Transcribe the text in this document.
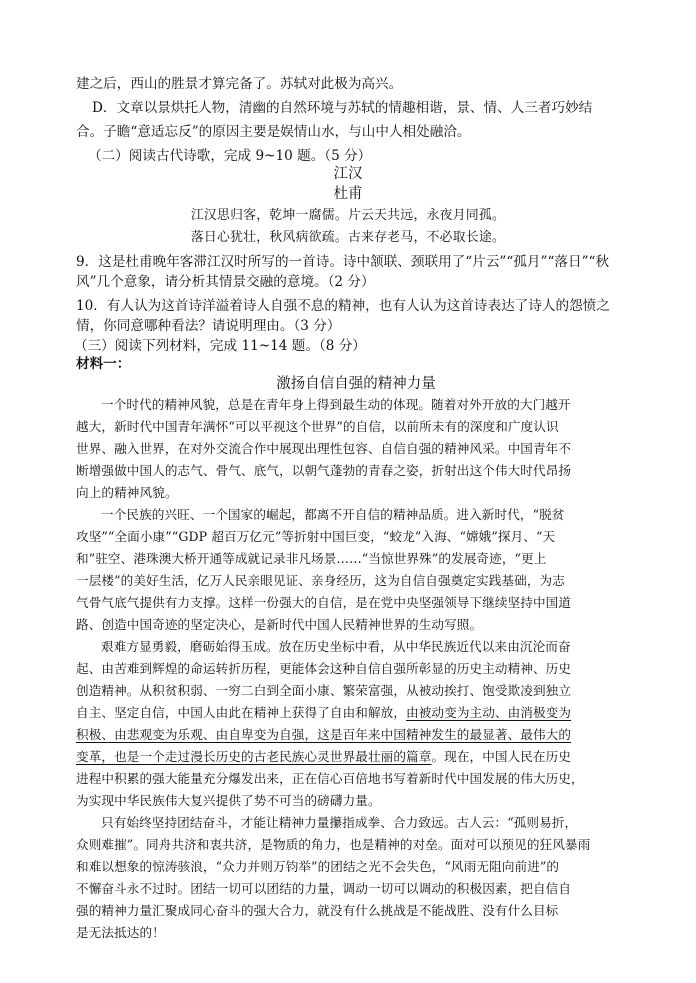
建之后，西山的胜景才算完备了。苏轼对此极为高兴。
D．文章以景烘托人物，清幽的自然环境与苏轼的情趣相谐，景、情、人三者巧妙结
合。子瞻“意适忘反”的原因主要是娱情山水，与山中人相处融洽。
（二）阅读古代诗歌，完成 9~10 题。（5 分）
江汉
杜甫
江汉思归客，乾坤一腐儒。片云天共远，永夜月同孤。
落日心犹壮，秋风病欲疏。古来存老马，不必取长途。
9．这是杜甫晚年客滞江汉时所写的一首诗。诗中颔联、颈联用了“片云”“孤月”“落日”“秋
风”几个意象，请分析其情景交融的意境。（2 分）
10．有人认为这首诗洋溢着诗人自强不息的精神，也有人认为这首诗表达了诗人的怨愤之
情，你同意哪种看法？请说明理由。（3 分）
（三）阅读下列材料，完成 11~14 题。（8 分）
材料一：
激扬自信自强的精神力量
一个时代的精神风貌，总是在青年身上得到最生动的体现。随着对外开放的大门越开
越大，新时代中国青年满怀“可以平视这个世界”的自信，以前所未有的深度和广度认识
世界、融入世界，在对外交流合作中展现出理性包容、自信自强的精神风采。中国青年不
断增强做中国人的志气、骨气、底气，以朝气蓬勃的青春之姿，折射出这个伟大时代昂扬
向上的精神风貌。
一个民族的兴旺、一个国家的崛起，都离不开自信的精神品质。进入新时代，“脱贫
攻坚”“全面小康”“GDP 超百万亿元”等折射中国巨变，“蛟龙”入海、“嫦娥”探月、“天
和”驻空、港珠澳大桥开通等成就记录非凡场景……“当惊世界殊”的发展奇迹，“更上
一层楼”的美好生活，亿万人民亲眼见证、亲身经历，这为自信自强奠定实践基础，为志
气骨气底气提供有力支撑。这样一份强大的自信，是在党中央坚强领导下继续坚持中国道
路、创造中国奇迹的坚定决心，是新时代中国人民精神世界的生动写照。
艰难方显勇毅，磨砺始得玉成。放在历史坐标中看，从中华民族近代以来由沉沦而奋
起、由苦难到辉煌的命运转折历程，更能体会这种自信自强所彰显的历史主动精神、历史
创造精神。从积贫积弱、一穷二白到全面小康、繁荣富强，从被动挨打、饱受欺凌到独立
自主、坚定自信，中国人由此在精神上获得了自由和解放，由被动变为主动、由消极变为
积极、由悲观变为乐观、由自卑变为自强，这是百年来中国精神发生的最显著、最伟大的
变革，也是一个走过漫长历史的古老民族心灵世界最壮丽的篇章。现在，中国人民在历史
进程中积累的强大能量充分爆发出来，正在信心百倍地书写着新时代中国发展的伟大历史，
为实现中华民族伟大复兴提供了势不可当的磅礴力量。
只有始终坚持团结奋斗，才能让精神力量攥指成拳、合力致远。古人云：“孤则易折，
众则难摧”。同舟共济和衷共济，是物质的角力，也是精神的对垒。面对可以预见的狂风暴雨
和难以想象的惊涛骇浪，“众力并则万钧举”的团结之光不会失色，“风雨无阻向前进”的
不懈奋斗永不过时。团结一切可以团结的力量，调动一切可以调动的积极因素，把自信自
强的精神力量汇聚成同心奋斗的强大合力，就没有什么挑战是不能战胜、没有什么目标
是无法抵达的！
